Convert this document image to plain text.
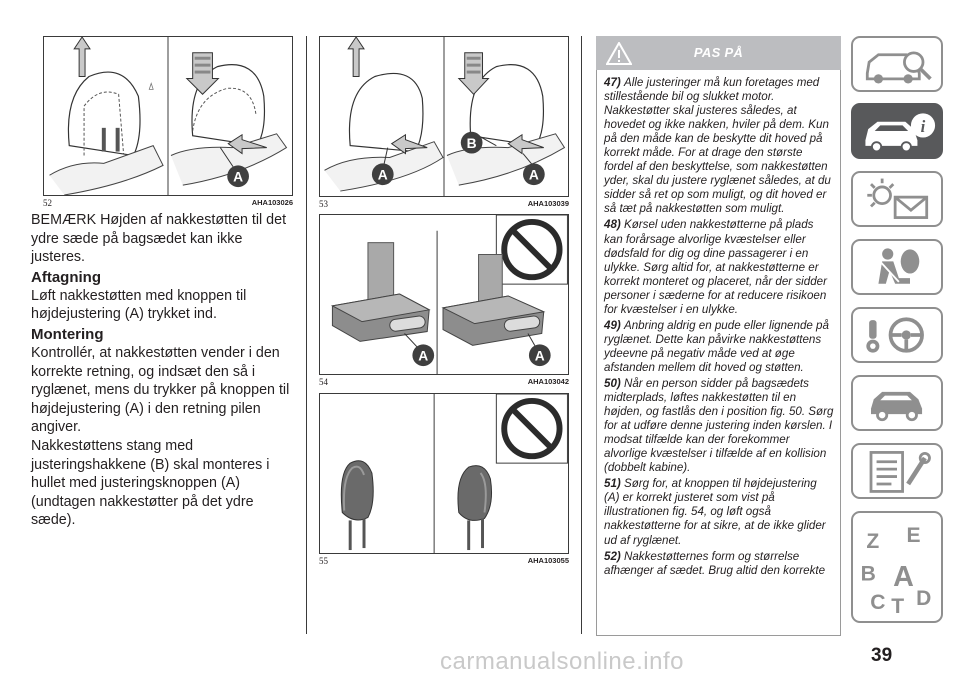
A
52	AHA103026

BEMÆRK Højden af nakkestøtten til det ydre sæde på bagsædet kan ikke justeres.

Aftagning

Løft nakkestøtten med knoppen til højdejustering (A) trykket ind.

Montering

Kontrollér, at nakkestøtten vender i den korrekte retning, og indsæt den så i ryglænet, mens du trykker på knoppen til højdejustering (A) i den retning pilen angiver.

Nakkestøttens stang med justeringshakkene (B) skal monteres i hullet med justeringsknoppen (A) (undtagen nakkestøtter på det ydre sæde).

A
B
A
53	AHA103039
A	A
54	AHA103042
55	AHA103055
PAS PÅ

47) Alle justeringer må kun foretages med stillestående bil og slukket motor. Nakkestøtter skal justeres således, at hovedet og ikke nakken, hviler på dem. Kun på den måde kan de beskytte dit hoved på korrekt måde. For at drage den største fordel af den beskyttelse, som nakkestøtten yder, skal du justere ryglænet således, at du sidder så ret op som muligt, og dit hoved er så tæt på nakkestøtten som muligt.

48) Kørsel uden nakkestøtterne på plads kan forårsage alvorlige kvæstelser eller dødsfald for dig og dine passagerer i en ulykke. Sørg altid for, at nakkestøtterne er korrekt monteret og placeret, når der sidder personer i sæderne for at reducere risikoen for kvæstelser i en ulykke.

49) Anbring aldrig en pude eller lignende på ryglænet. Dette kan påvirke nakkestøttens ydeevne på negativ måde ved at øge afstanden mellem dit hoved og støtten.

50) Når en person sidder på bagsædets midterplads, løftes nakkestøtten til en højden, og fastlås den i position fig. 50. Sørg for at udføre denne justering inden kørslen. I modsat tilfælde kan der forekommer alvorlige kvæstelser i tilfælde af en kollision (dobbelt kabine).

51) Sørg for, at knoppen til højdejustering (A) er korrekt justeret som vist på illustrationen fig. 54, og løft også nakkestøtterne for at sikre, at de ikke glider ud af ryglænet.

52) Nakkestøtternes form og størrelse afhænger af sædet. Brug altid den korrekte

i
Z E
B A
C T D
39
carmanualsonline.info
